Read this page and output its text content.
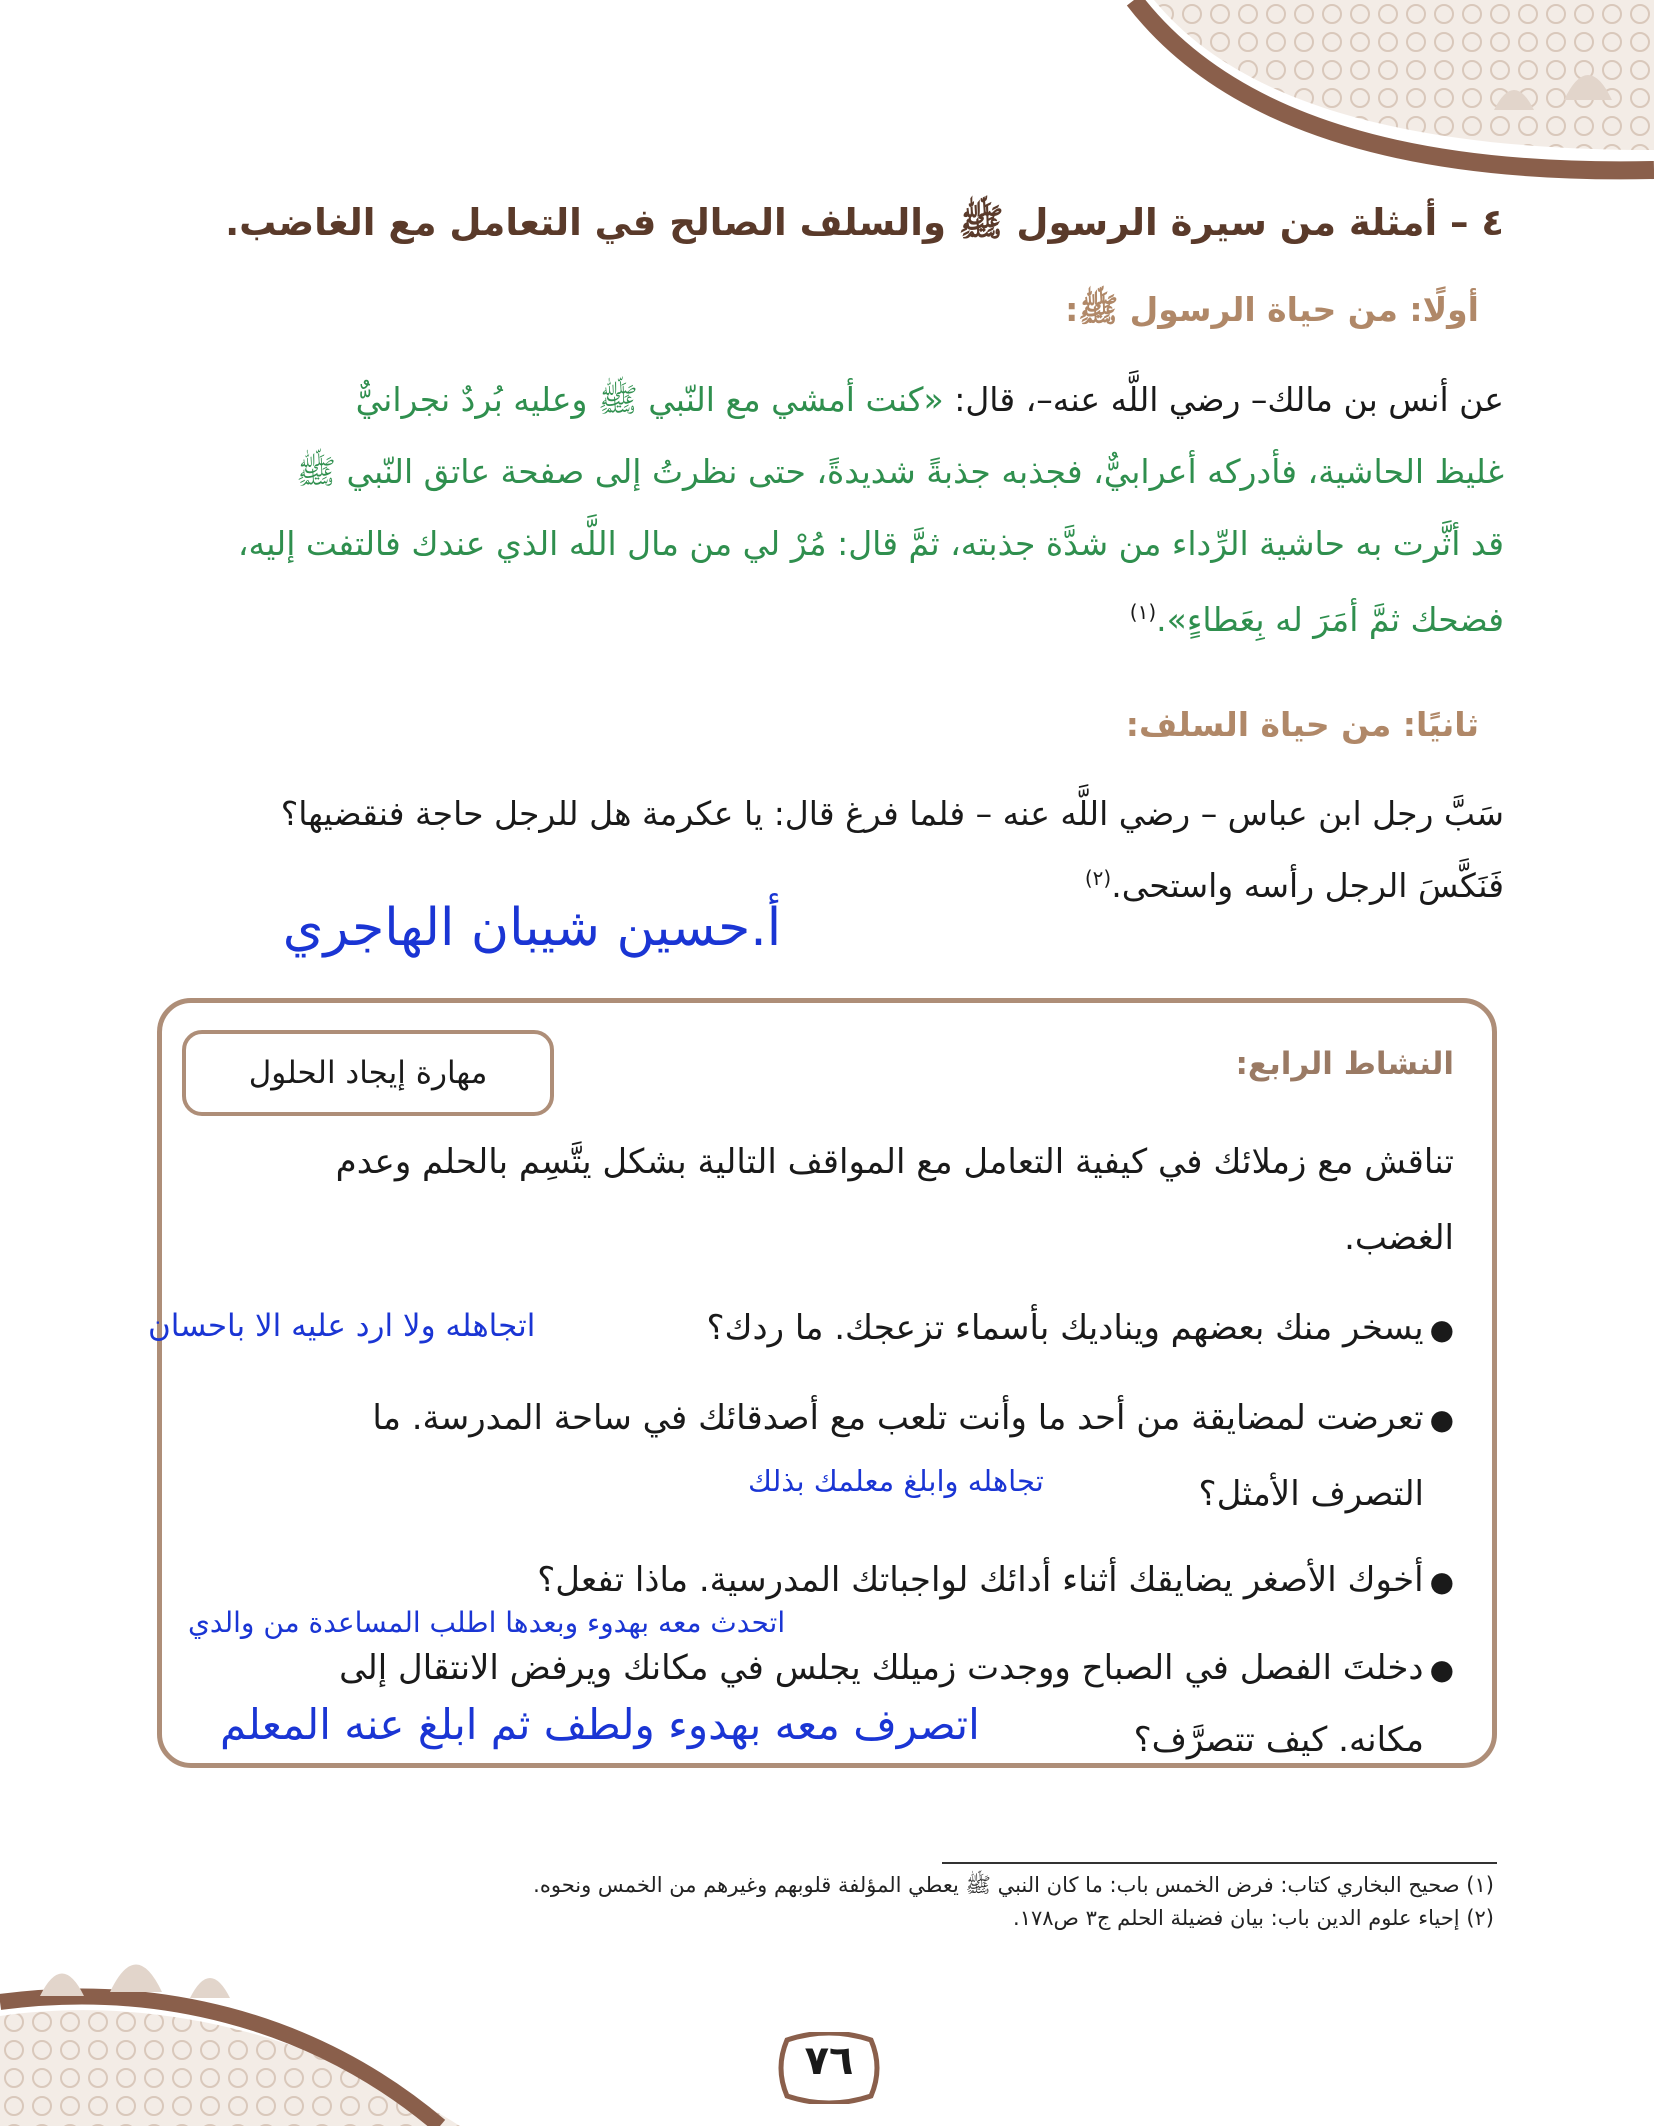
٤ – أمثلة من سيرة الرسول ﷺ والسلف الصالح في التعامل مع الغاضب.
أولًا: من حياة الرسول ﷺ:
عن أنس بن مالك– رضي اللَّه عنه–، قال: «كنت أمشي مع النّبي ﷺ وعليه بُردٌ نجرانيٌّ
غليظ الحاشية، فأدركه أعرابيٌّ، فجذبه جذبةً شديدةً، حتى نظرتُ إلى صفحة عاتق النّبي ﷺ
قد أثَّرت به حاشية الرِّداء من شدَّة جذبته، ثمَّ قال: مُرْ لي من مال اللَّه الذي عندك فالتفت إليه،
فضحك ثمَّ أمَرَ له بِعَطاءٍ».$^{(١)}$
ثانيًا: من حياة السلف:
سَبَّ رجل ابن عباس – رضي اللَّه عنه – فلما فرغ قال: يا عكرمة هل للرجل حاجة فنقضيها؟
فَنَكَّسَ الرجل رأسه واستحى.$^{(٢)}$
أ.حسين شيبان الهاجري
مهارة إيجاد الحلول	النشاط الرابع:
تناقش مع زملائك في كيفية التعامل مع المواقف التالية بشكل يتَّسِم بالحلم وعدم
الغضب.
●يسخر منك بعضهم ويناديك بأسماء تزعجك. ما ردك؟
اتجاهله ولا ارد عليه الا باحسان
●تعرضت لمضايقة من أحد ما وأنت تلعب مع أصدقائك في ساحة المدرسة. ما
التصرف الأمثل؟
تجاهله وابلغ معلمك بذلك
●أخوك الأصغر يضايقك أثناء أدائك لواجباتك المدرسية. ماذا تفعل؟
اتحدث معه بهدوء وبعدها اطلب المساعدة من والدي
●دخلتَ الفصل في الصباح ووجدت زميلك يجلس في مكانك ويرفض الانتقال إلى
مكانه. كيف تتصرَّف؟
اتصرف معه بهدوء ولطف ثم ابلغ عنه المعلم
(١) صحيح البخاري كتاب: فرض الخمس باب: ما كان النبي ﷺ يعطي المؤلفة قلوبهم وغيرهم من الخمس ونحوه.
(٢) إحياء علوم الدين باب: بيان فضيلة الحلم ج٣ ص١٧٨.
٧٦
